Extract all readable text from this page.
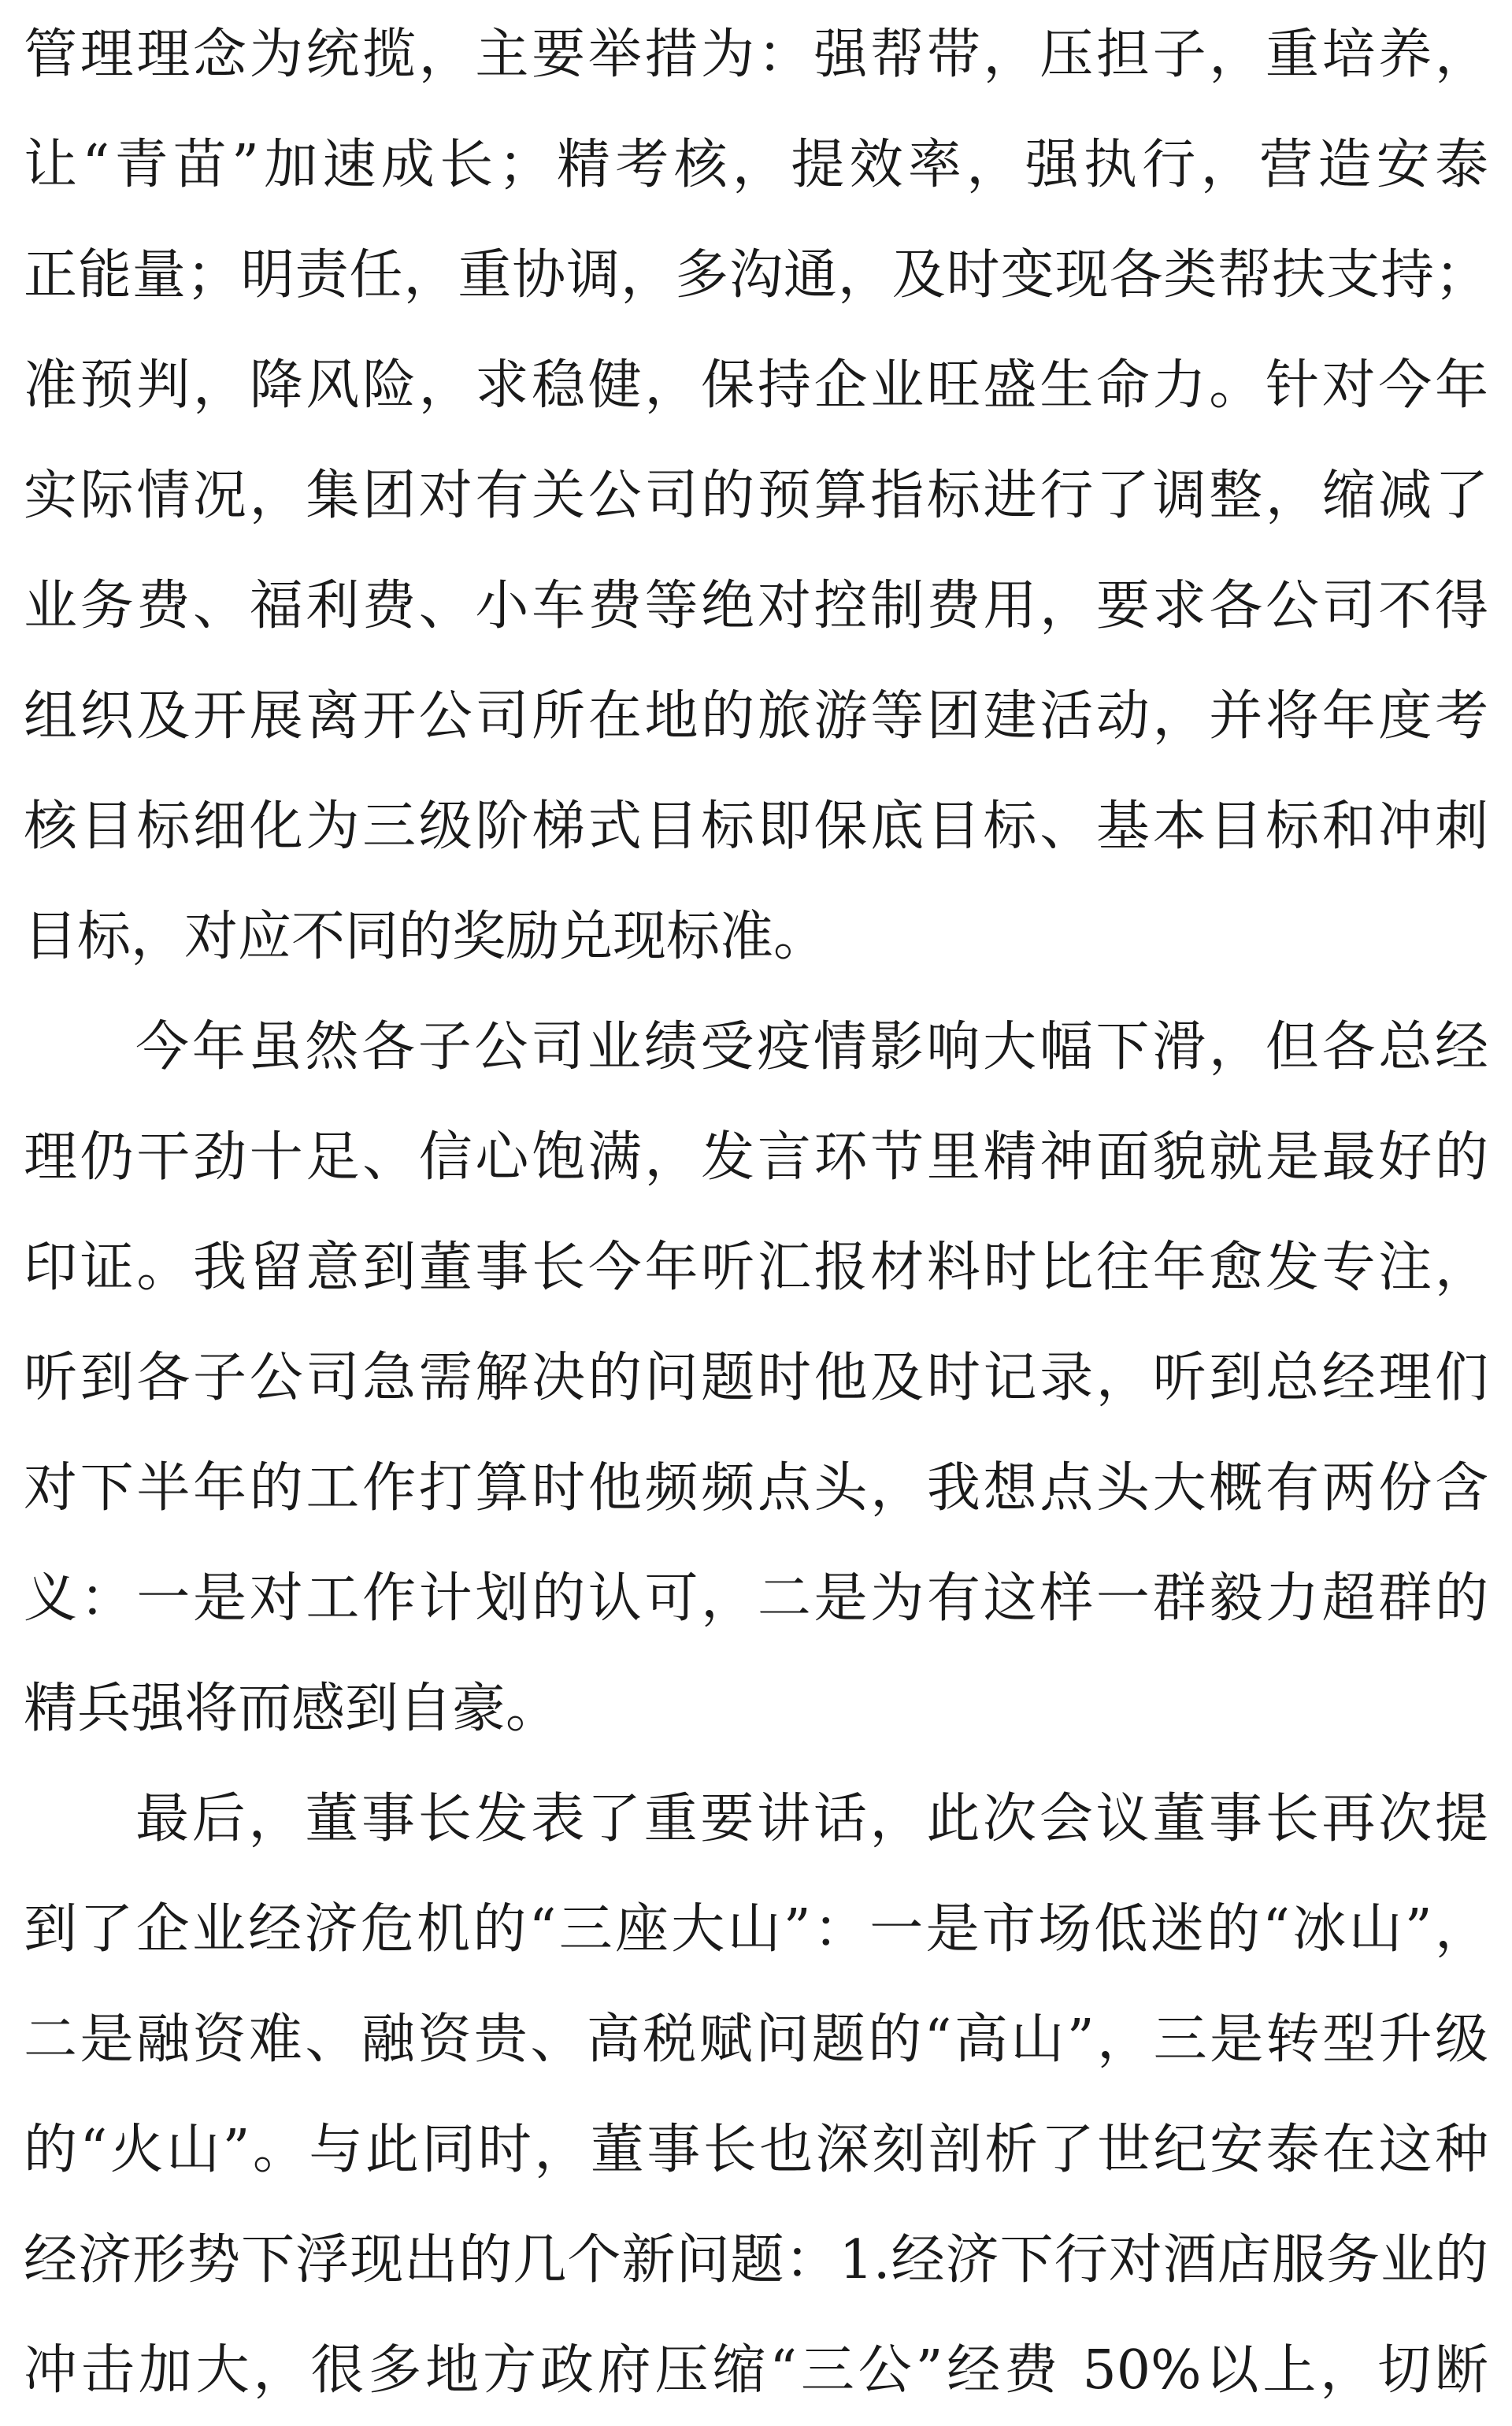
管理理念为统揽，主要举措为：强帮带，压担子，重培养，
让“青苗”加速成长；精考核，提效率，强执行，营造安泰
正能量；明责任，重协调，多沟通，及时变现各类帮扶支持；
准预判，降风险，求稳健，保持企业旺盛生命力。针对今年
实际情况，集团对有关公司的预算指标进行了调整，缩减了
业务费、福利费、小车费等绝对控制费用，要求各公司不得
组织及开展离开公司所在地的旅游等团建活动，并将年度考
核目标细化为三级阶梯式目标即保底目标、基本目标和冲刺
目标，对应不同的奖励兑现标准。
今年虽然各子公司业绩受疫情影响大幅下滑，但各总经
理仍干劲十足、信心饱满，发言环节里精神面貌就是最好的
印证。我留意到董事长今年听汇报材料时比往年愈发专注，
听到各子公司急需解决的问题时他及时记录，听到总经理们
对下半年的工作打算时他频频点头，我想点头大概有两份含
义：一是对工作计划的认可，二是为有这样一群毅力超群的
精兵强将而感到自豪。
最后，董事长发表了重要讲话，此次会议董事长再次提
到了企业经济危机的“三座大山”：一是市场低迷的“冰山”，
二是融资难、融资贵、高税赋问题的“高山”，三是转型升级
的“火山”。与此同时，董事长也深刻剖析了世纪安泰在这种
经济形势下浮现出的几个新问题：1.经济下行对酒店服务业的
冲击加大，很多地方政府压缩“三公”经费 50%以上，切断
